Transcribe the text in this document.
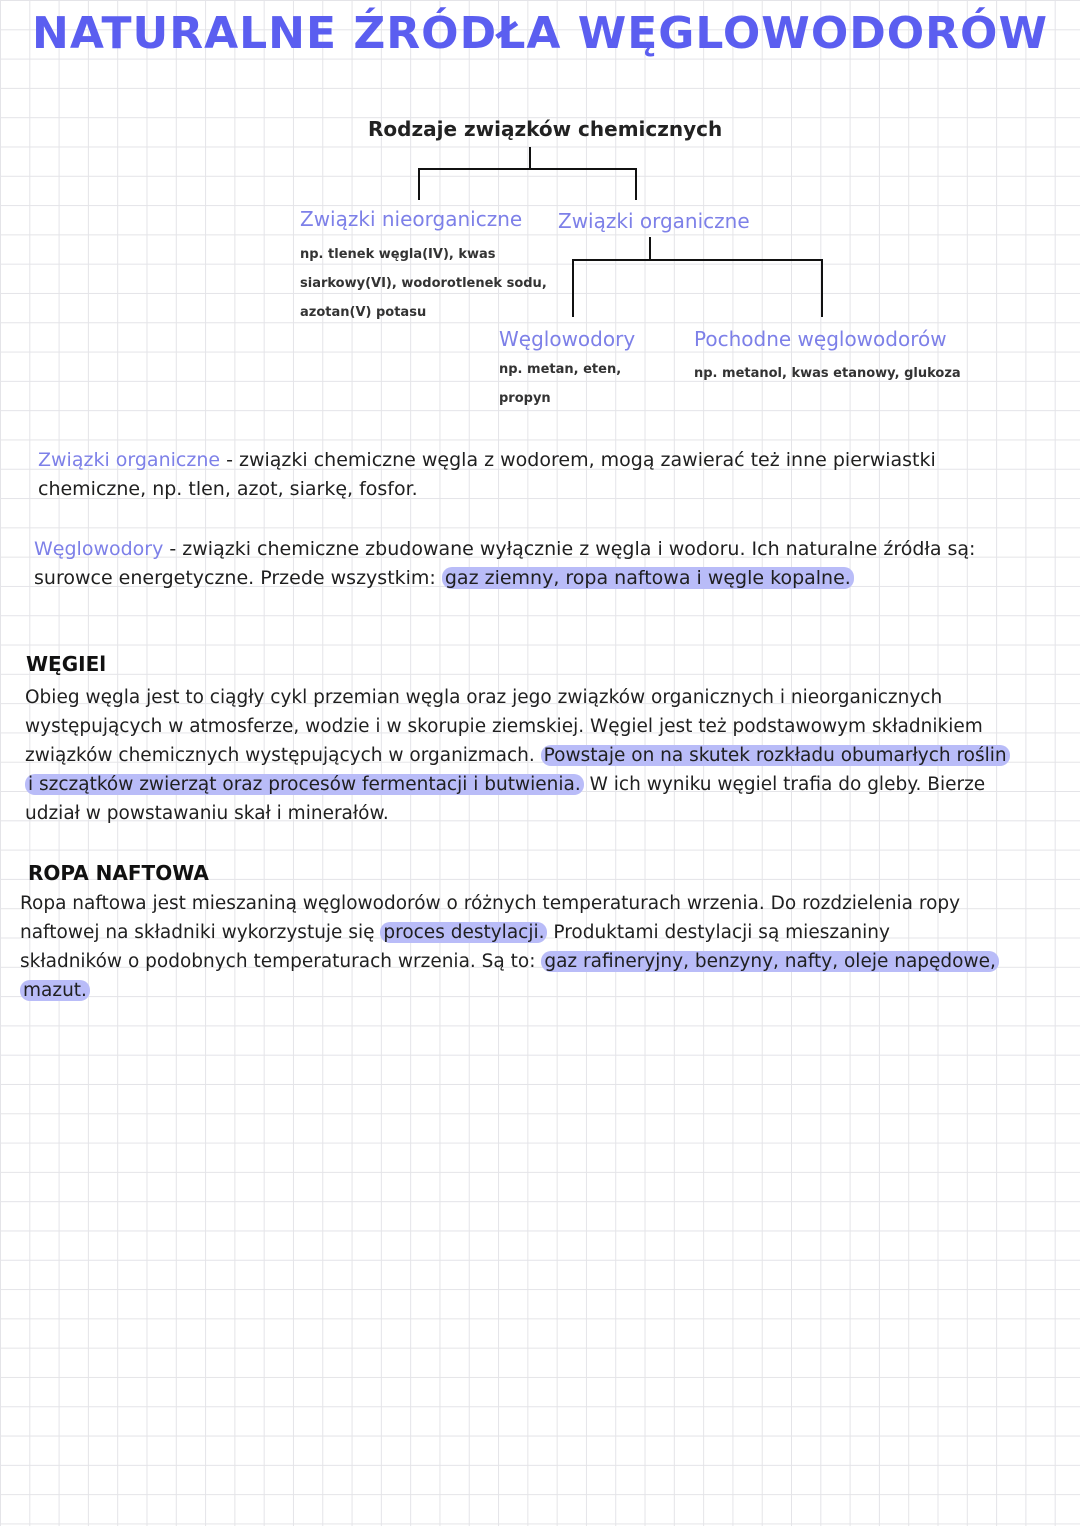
NATURALNE ŹRÓDŁA WĘGLOWODORÓW
Rodzaje związków chemicznych
Związki nieorganiczne
np. tlenek węgla(IV), kwas
siarkowy(VI), wodorotlenek sodu,
azotan(V) potasu
Związki organiczne
Węglowodory
np. metan, eten,
propyn
Pochodne węglowodorów
np. metanol, kwas etanowy, glukoza
Związki organiczne - związki chemiczne węgla z wodorem, mogą zawierać też inne pierwiastki
chemiczne, np. tlen, azot, siarkę, fosfor.
Węglowodory - związki chemiczne zbudowane wyłącznie z węgla i wodoru. Ich naturalne źródła są:
surowce energetyczne. Przede wszystkim: gaz ziemny, ropa naftowa i węgle kopalne.
WĘGIEl
Obieg węgla jest to ciągły cykl przemian węgla oraz jego związków organicznych i nieorganicznych
występujących w atmosferze, wodzie i w skorupie ziemskiej. Węgiel jest też podstawowym składnikiem
związków chemicznych występujących w organizmach. Powstaje on na skutek rozkładu obumarłych roślin
i szczątków zwierząt oraz procesów fermentacji i butwienia. W ich wyniku węgiel trafia do gleby. Bierze
udział w powstawaniu skał i minerałów.
ROPA NAFTOWA
Ropa naftowa jest mieszaniną węglowodorów o różnych temperaturach wrzenia. Do rozdzielenia ropy
naftowej na składniki wykorzystuje się proces destylacji. Produktami destylacji są mieszaniny
składników o podobnych temperaturach wrzenia. Są to: gaz rafineryjny, benzyny, nafty, oleje napędowe,
mazut.
